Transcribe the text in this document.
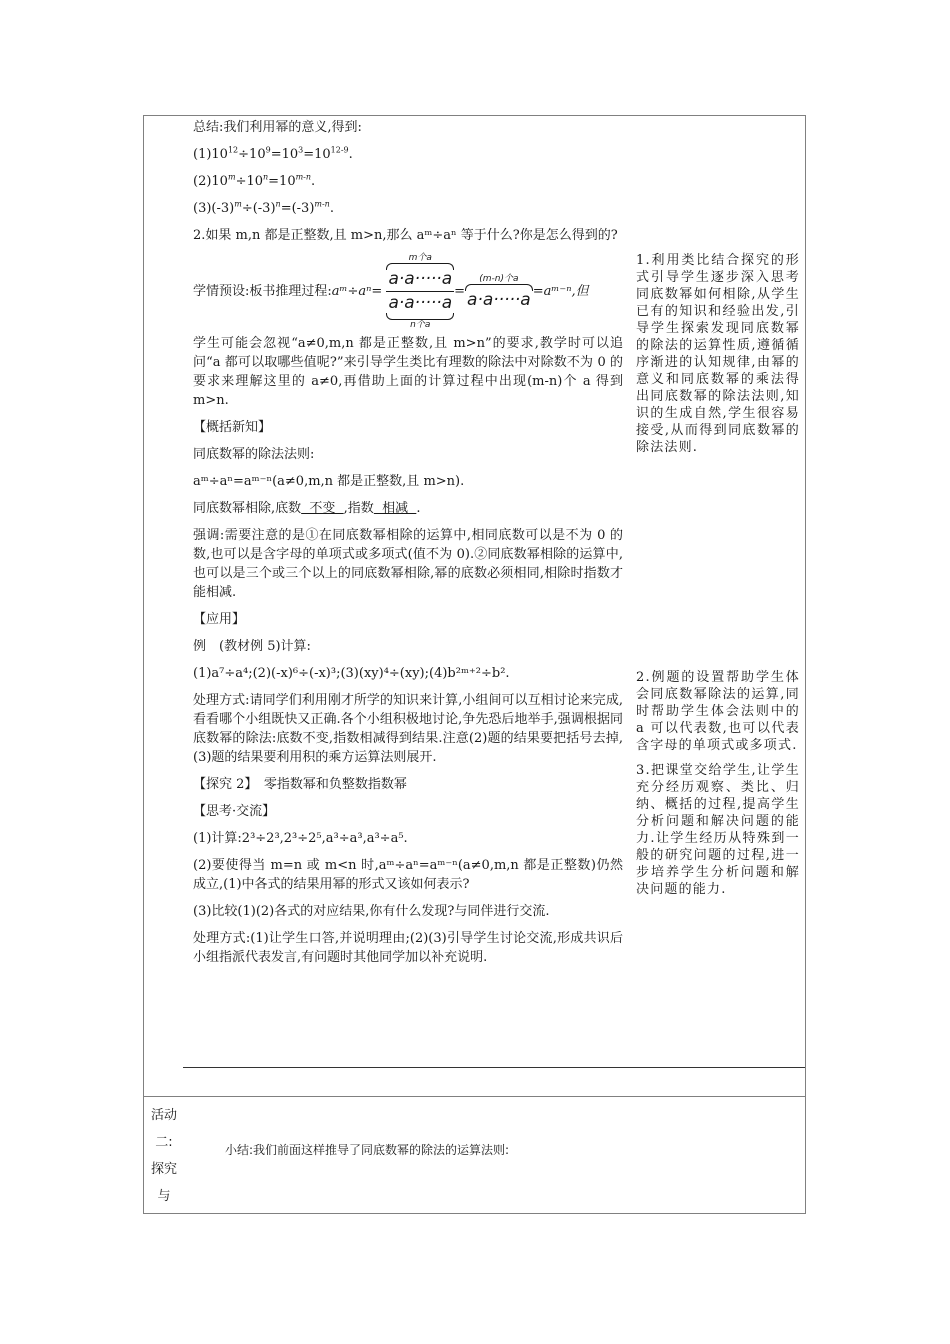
总结:我们利用幂的意义,得到:

$(1)10^{12}\div 10^9=10^3=10^{12-9}$.

$(2)10^m\div 10^n=10^{m-n}$.

$(3)(-3)^m\div(-3)^n=(-3)^{m-n}$.

2.如果 m,n 都是正整数,且 m>n,那么 aᵐ÷aⁿ 等于什么?你是怎么得到的?

学情预设:板书推理过程:aᵐ÷aⁿ=
m个a
a·a·····a
a·a·····a
n个a
=
(m-n)个a
a·a·····a =aᵐ⁻ⁿ,但

学生可能会忽视“a≠0,m,n 都是正整数,且 m>n”的要求,教学时可以追问“a 都可以取哪些值呢?”来引导学生类比有理数的除法中对除数不为 0 的要求来理解这里的 a≠0,再借助上面的计算过程中出现(m-n)个 a 得到 m>n.

【概括新知】

同底数幂的除法法则:

aᵐ÷aⁿ=aᵐ⁻ⁿ(a≠0,m,n 都是正整数,且 m>n).

同底数幂相除,底数  不变  ,指数  相减  .

强调:需要注意的是①在同底数幂相除的运算中,相同底数可以是不为 0 的数,也可以是含字母的单项式或多项式(值不为 0).②同底数幂相除的运算中,也可以是三个或三个以上的同底数幂相除,幂的底数必须相同,相除时指数才能相减.

【应用】

例　(教材例 5)计算:

(1)a⁷÷a⁴;(2)(-x)⁶÷(-x)³;(3)(xy)⁴÷(xy);(4)b²ᵐ⁺²÷b².

处理方式:请同学们利用刚才所学的知识来计算,小组间可以互相讨论来完成,看看哪个小组既快又正确.各个小组积极地讨论,争先恐后地举手,强调根据同底数幂的除法:底数不变,指数相减得到结果.注意(2)题的结果要把括号去掉,(3)题的结果要利用积的乘方运算法则展开.

【探究 2】　零指数幂和负整数指数幂

【思考·交流】

(1)计算:2³÷2³,2³÷2⁵,a³÷a³,a³÷a⁵.

(2)要使得当 m=n 或 m<n 时,aᵐ÷aⁿ=aᵐ⁻ⁿ(a≠0,m,n 都是正整数)仍然成立,(1)中各式的结果用幂的形式又该如何表示?

(3)比较(1)(2)各式的对应结果,你有什么发现?与同伴进行交流.

处理方式:(1)让学生口答,并说明理由;(2)(3)引导学生讨论交流,形成共识后小组指派代表发言,有问题时其他同学加以补充说明.

1.利用类比结合探究的形式引导学生逐步深入思考同底数幂如何相除,从学生已有的知识和经验出发,引导学生探索发现同底数幂的除法的运算性质,遵循循序渐进的认知规律,由幂的意义和同底数幂的乘法得出同底数幂的除法法则,知识的生成自然,学生很容易接受,从而得到同底数幂的除法法则.

2.例题的设置帮助学生体会同底数幂除法的运算,同时帮助学生体会法则中的 a 可以代表数,也可以代表含字母的单项式或多项式.

3.把课堂交给学生,让学生充分经历观察、类比、归纳、概括的过程,提高学生分析问题和解决问题的能力.让学生经历从特殊到一般的研究问题的过程,进一步培养学生分析问题和解决问题的能力.

活动
二:
探究
与
小结:我们前面这样推导了同底数幂的除法的运算法则:
